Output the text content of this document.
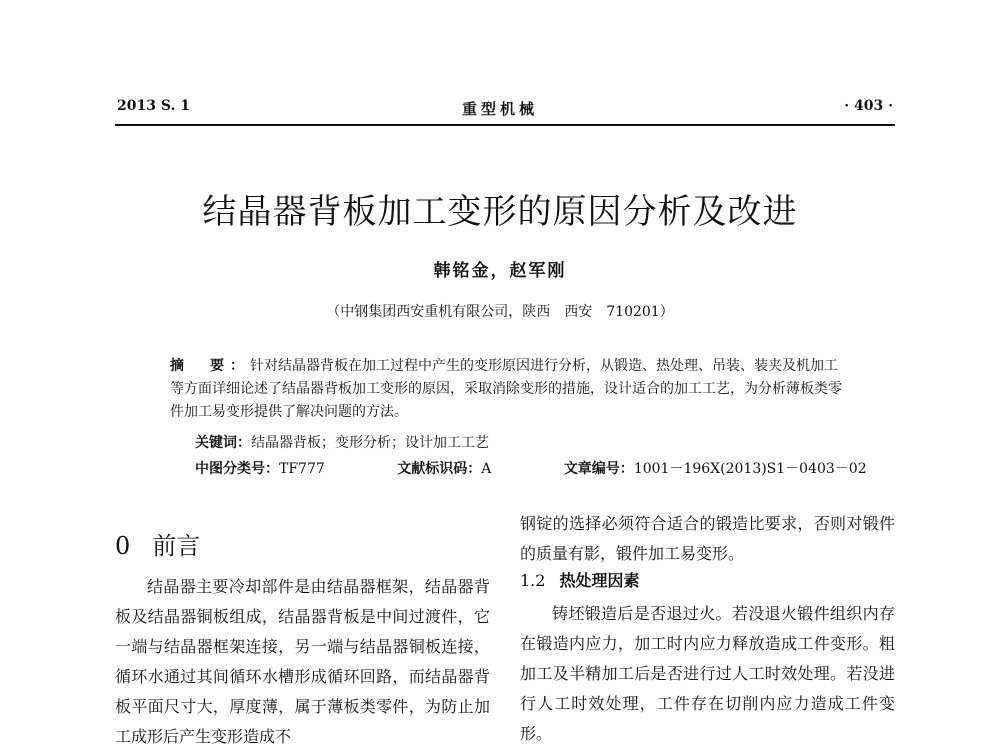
2013 S. 1	重型机械	· 403 ·
结晶器背板加工变形的原因分析及改进
韩铭金，赵军刚
（中钢集团西安重机有限公司，陕西　西安　710201）
摘　要：针对结晶器背板在加工过程中产生的变形原因进行分析，从锻造、热处理、吊装、装夹及机加工等方面详细论述了结晶器背板加工变形的原因，采取消除变形的措施，设计适合的加工工艺，为分析薄板类零件加工易变形提供了解决问题的方法。
关键词：结晶器背板；变形分析；设计加工工艺
中图分类号：TF777	文献标识码：A	文章编号：1001－196X(2013)S1－0403－02
0 前言
结晶器主要冷却部件是由结晶器框架，结晶器背板及结晶器铜板组成，结晶器背板是中间过渡件，它一端与结晶器框架连接，另一端与结晶器铜板连接，循环水通过其间循环水槽形成循环回路，而结晶器背板平面尺寸大，厚度薄，属于薄板类零件，为防止加工成形后产生变形造成不
钢锭的选择必须符合适合的锻造比要求，否则对锻件的质量有影，锻件加工易变形。
1.2 热处理因素
铸坯锻造后是否退过火。若没退火锻件组织内存在锻造内应力，加工时内应力释放造成工件变形。粗加工及半精加工后是否进行过人工时效处理。若没进行人工时效处理，工件存在切削内应力造成工件变形。
